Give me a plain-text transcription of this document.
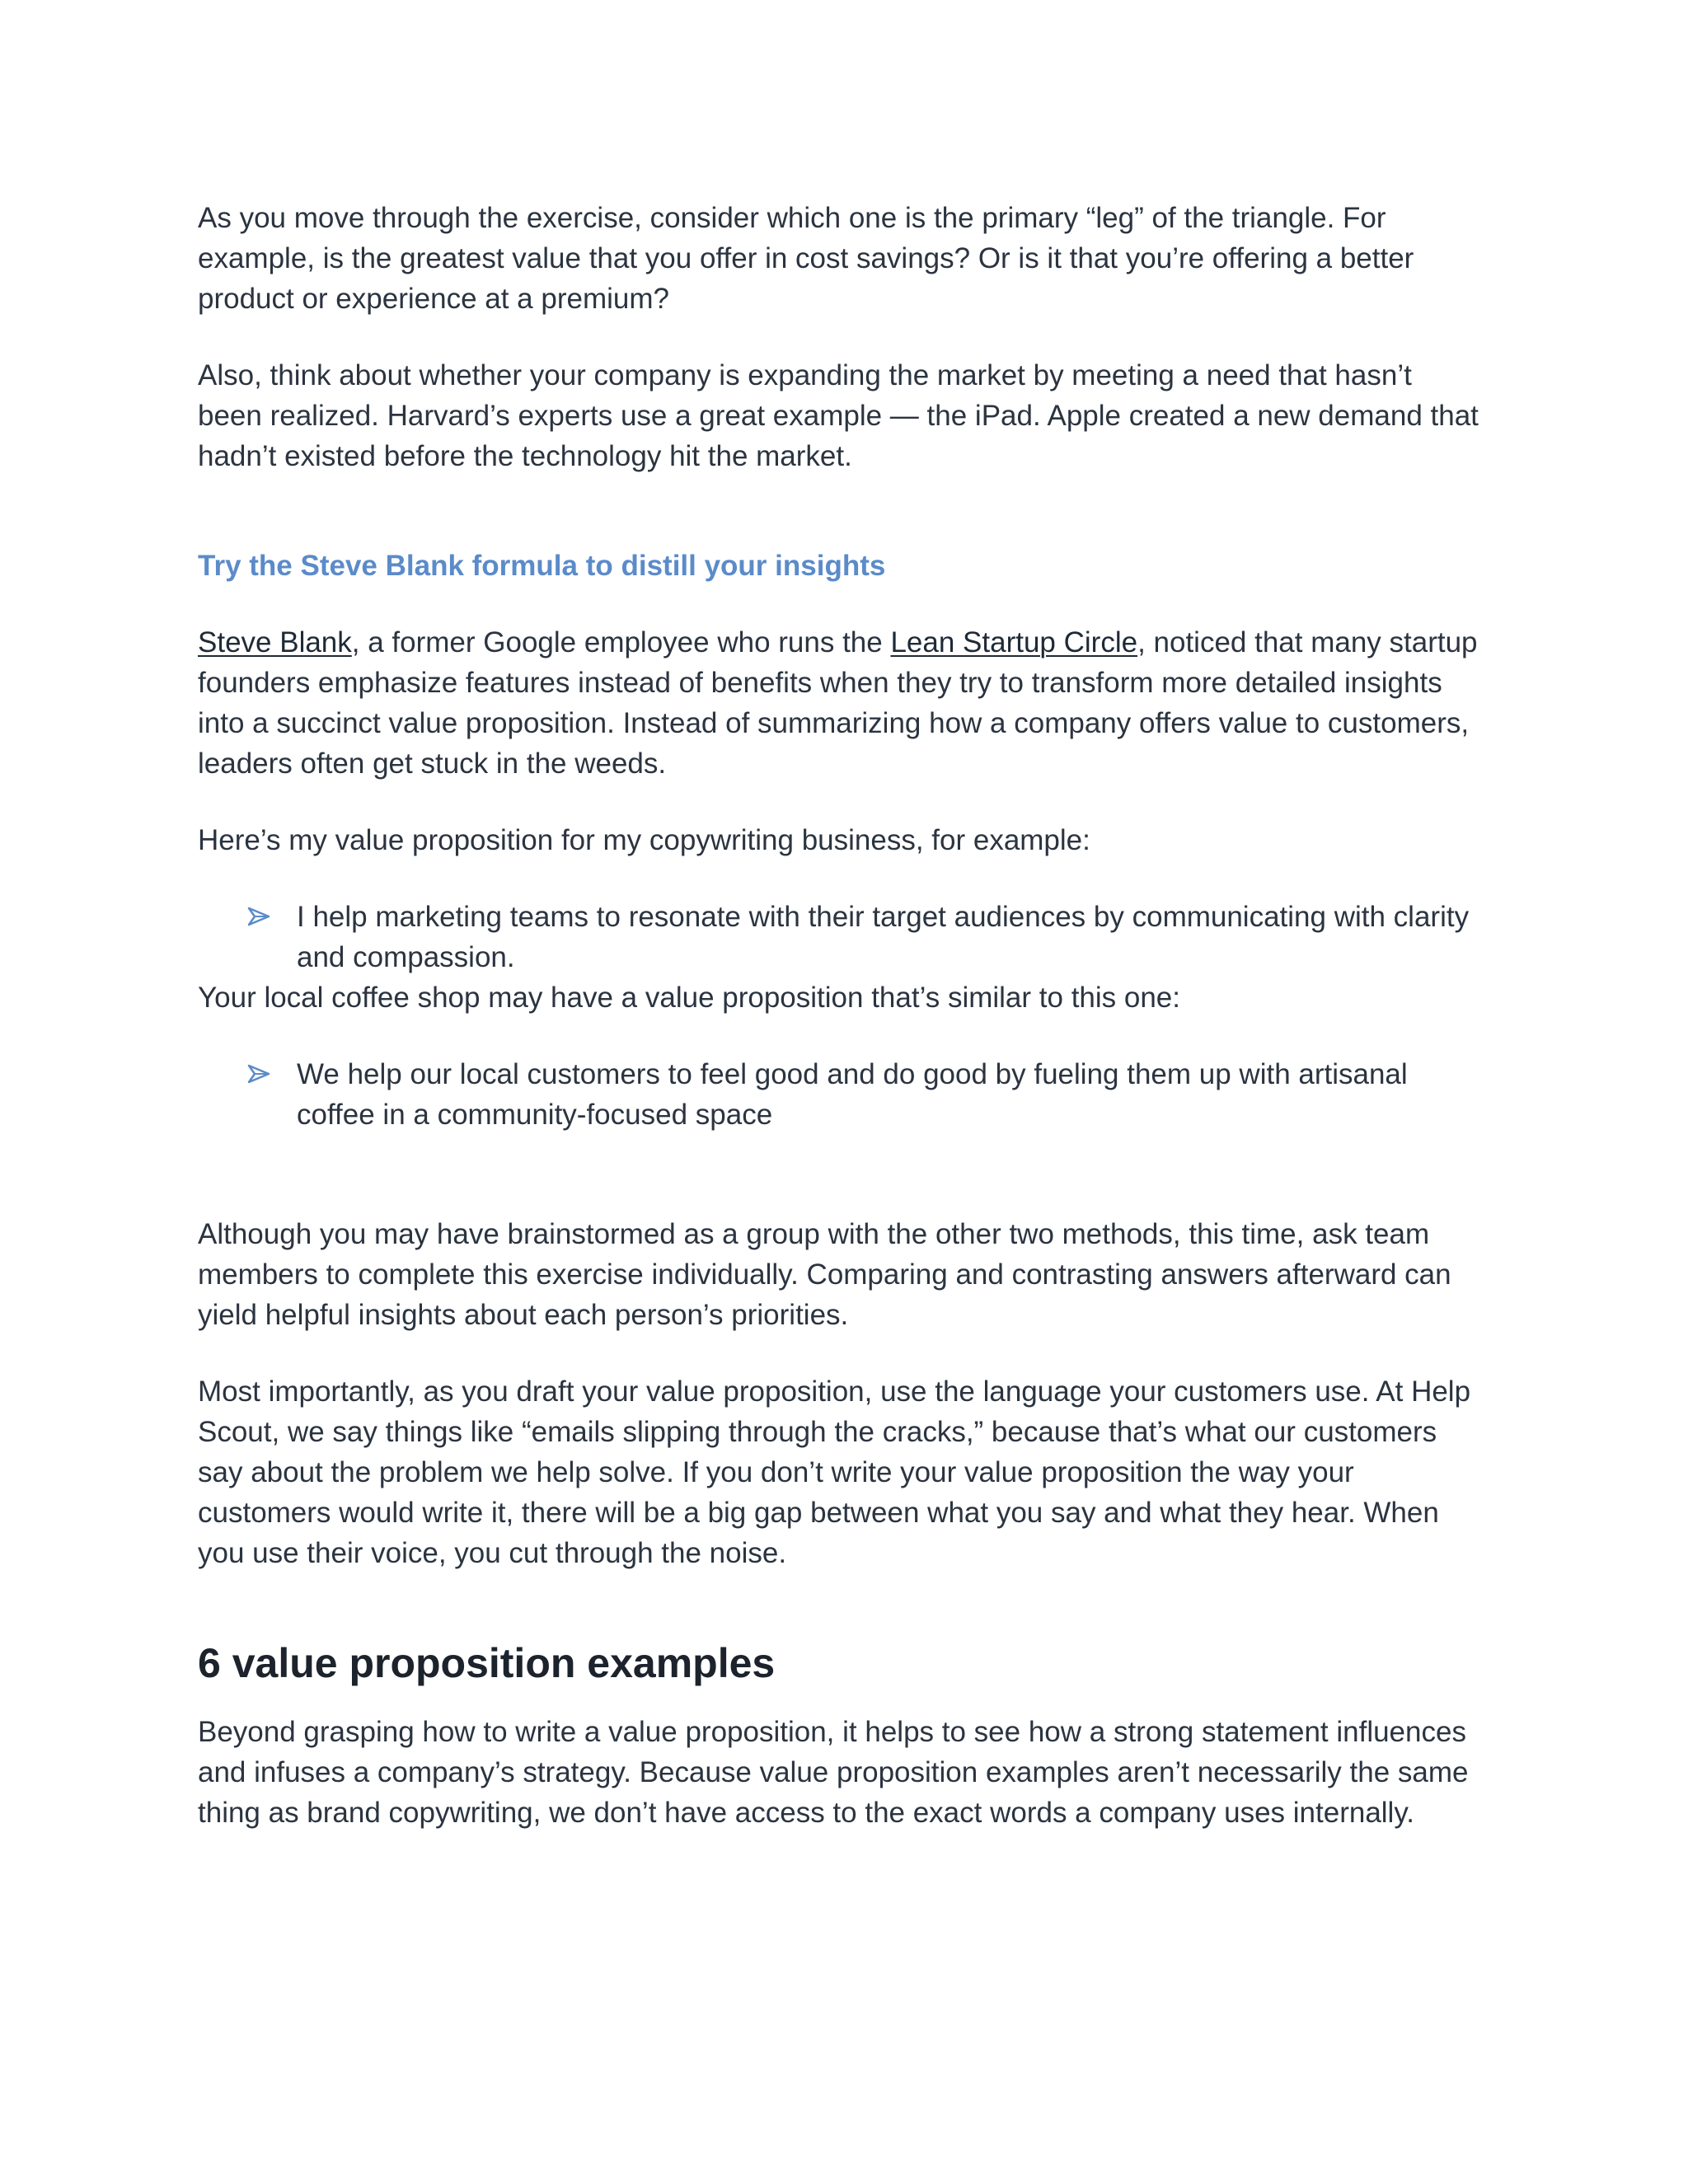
As you move through the exercise, consider which one is the primary “leg” of the triangle. For example, is the greatest value that you offer in cost savings? Or is it that you’re offering a better product or experience at a premium?

Also, think about whether your company is expanding the market by meeting a need that hasn’t been realized. Harvard’s experts use a great example — the iPad. Apple created a new demand that hadn’t existed before the technology hit the market.

Try the Steve Blank formula to distill your insights

Steve Blank, a former Google employee who runs the Lean Startup Circle, noticed that many startup founders emphasize features instead of benefits when they try to transform more detailed insights into a succinct value proposition. Instead of summarizing how a company offers value to customers, leaders often get stuck in the weeds.

Here’s my value proposition for my copywriting business, for example:

I help marketing teams to resonate with their target audiences by communicating with clarity and compassion.

Your local coffee shop may have a value proposition that’s similar to this one:

We help our local customers to feel good and do good by fueling them up with artisanal coffee in a community-focused space

Although you may have brainstormed as a group with the other two methods, this time, ask team members to complete this exercise individually. Comparing and contrasting answers afterward can yield helpful insights about each person’s priorities.

Most importantly, as you draft your value proposition, use the language your customers use. At Help Scout, we say things like “emails slipping through the cracks,” because that’s what our customers say about the problem we help solve. If you don’t write your value proposition the way your customers would write it, there will be a big gap between what you say and what they hear. When you use their voice, you cut through the noise.

6 value proposition examples

Beyond grasping how to write a value proposition, it helps to see how a strong statement influences and infuses a company’s strategy. Because value proposition examples aren’t necessarily the same thing as brand copywriting, we don’t have access to the exact words a company uses internally.
